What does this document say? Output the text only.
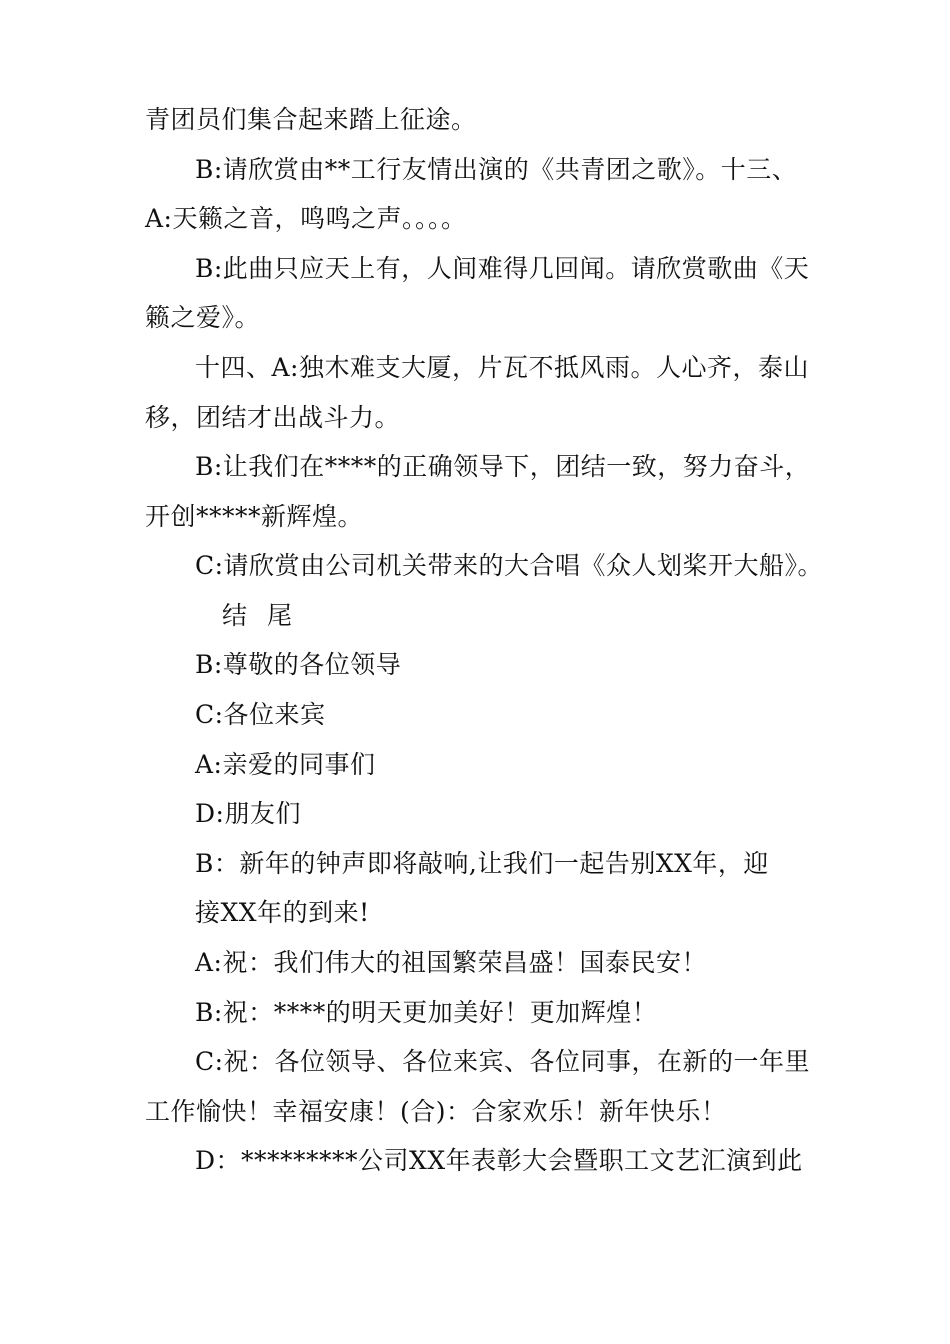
青团员们集合起来踏上征途。
B:请欣赏由**工行友情出演的《共青团之歌》。十三、
A:天籁之音，鸣鸣之声。。。。
B:此曲只应天上有，人间难得几回闻。请欣赏歌曲《天
籁之爱》。
十四、A:独木难支大厦，片瓦不抵风雨。人心齐，泰山
移，团结才出战斗力。
B:让我们在****的正确领导下，团结一致，努力奋斗，
开创*****新辉煌。
C:请欣赏由公司机关带来的大合唱《众人划桨开大船》。
结 尾
B:尊敬的各位领导
C:各位来宾
A:亲爱的同事们
D:朋友们
B：新年的钟声即将敲响,让我们一起告别XX年，迎
接XX年的到来!
A:祝：我们伟大的祖国繁荣昌盛！国泰民安！
B:祝：****的明天更加美好！更加辉煌！
C:祝：各位领导、各位来宾、各位同事，在新的一年里
工作愉快！幸福安康！(合)：合家欢乐！新年快乐！
D：*********公司XX年表彰大会暨职工文艺汇演到此
